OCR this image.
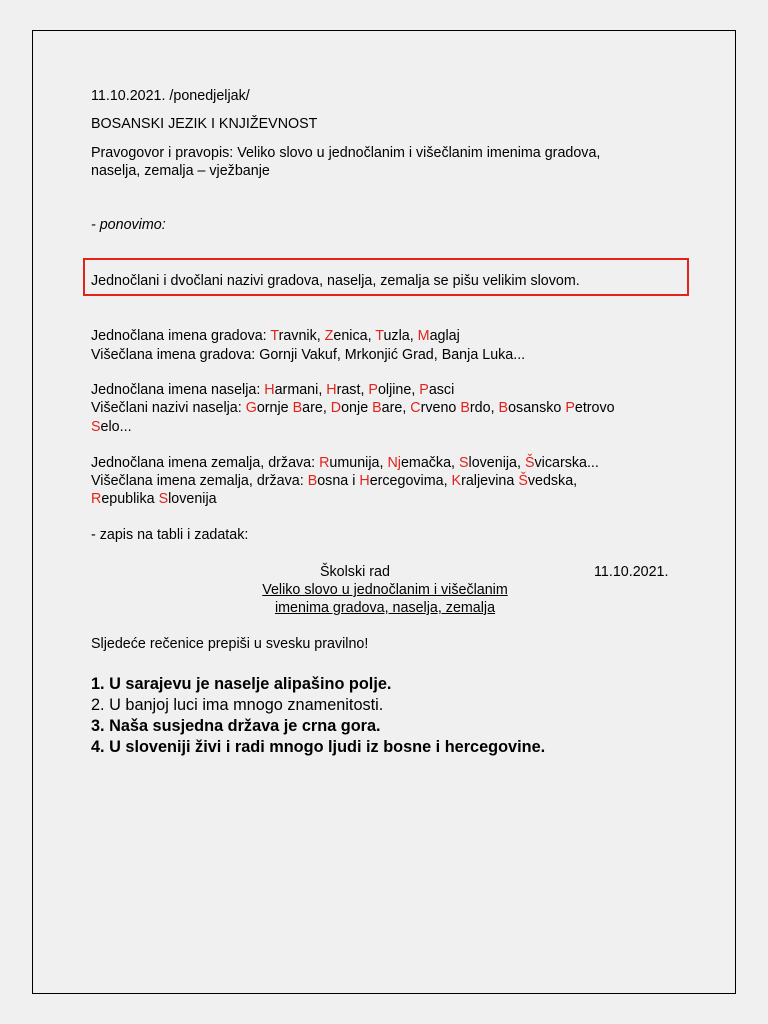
11.10.2021. /ponedjeljak/
BOSANSKI JEZIK I KNJIŽEVNOST
Pravogovor i pravopis: Veliko slovo u jednočlanim i višečlanim imenima gradova,
naselja, zemalja – vježbanje
- ponovimo:
Jednočlani i dvočlani nazivi gradova, naselja, zemalja se pišu velikim slovom.
Jednočlana imena gradova: Travnik, Zenica, Tuzla, Maglaj
Višečlana imena gradova: Gornji Vakuf, Mrkonjić Grad, Banja Luka...
Jednočlana imena naselja: Harmani, Hrast, Poljine, Pasci
Višečlani nazivi naselja: Gornje Bare, Donje Bare, Crveno Brdo, Bosansko Petrovo
Selo...
Jednočlana imena zemalja, država: Rumunija, Njemačka, Slovenija, Švicarska...
Višečlana imena zemalja, država: Bosna i Hercegovima, Kraljevina Švedska,
Republika Slovenija
- zapis na tabli i zadatak:
Školski rad	11.10.2021.
Veliko slovo u jednočlanim i višečlanim
imenima gradova, naselja, zemalja
Sljedeće rečenice prepiši u svesku pravilno!
1. U sarajevu je naselje alipašino polje.
2. U banjoj luci ima mnogo znamenitosti.
3. Naša susjedna država je crna gora.
4. U sloveniji živi i radi mnogo ljudi iz bosne i hercegovine.
